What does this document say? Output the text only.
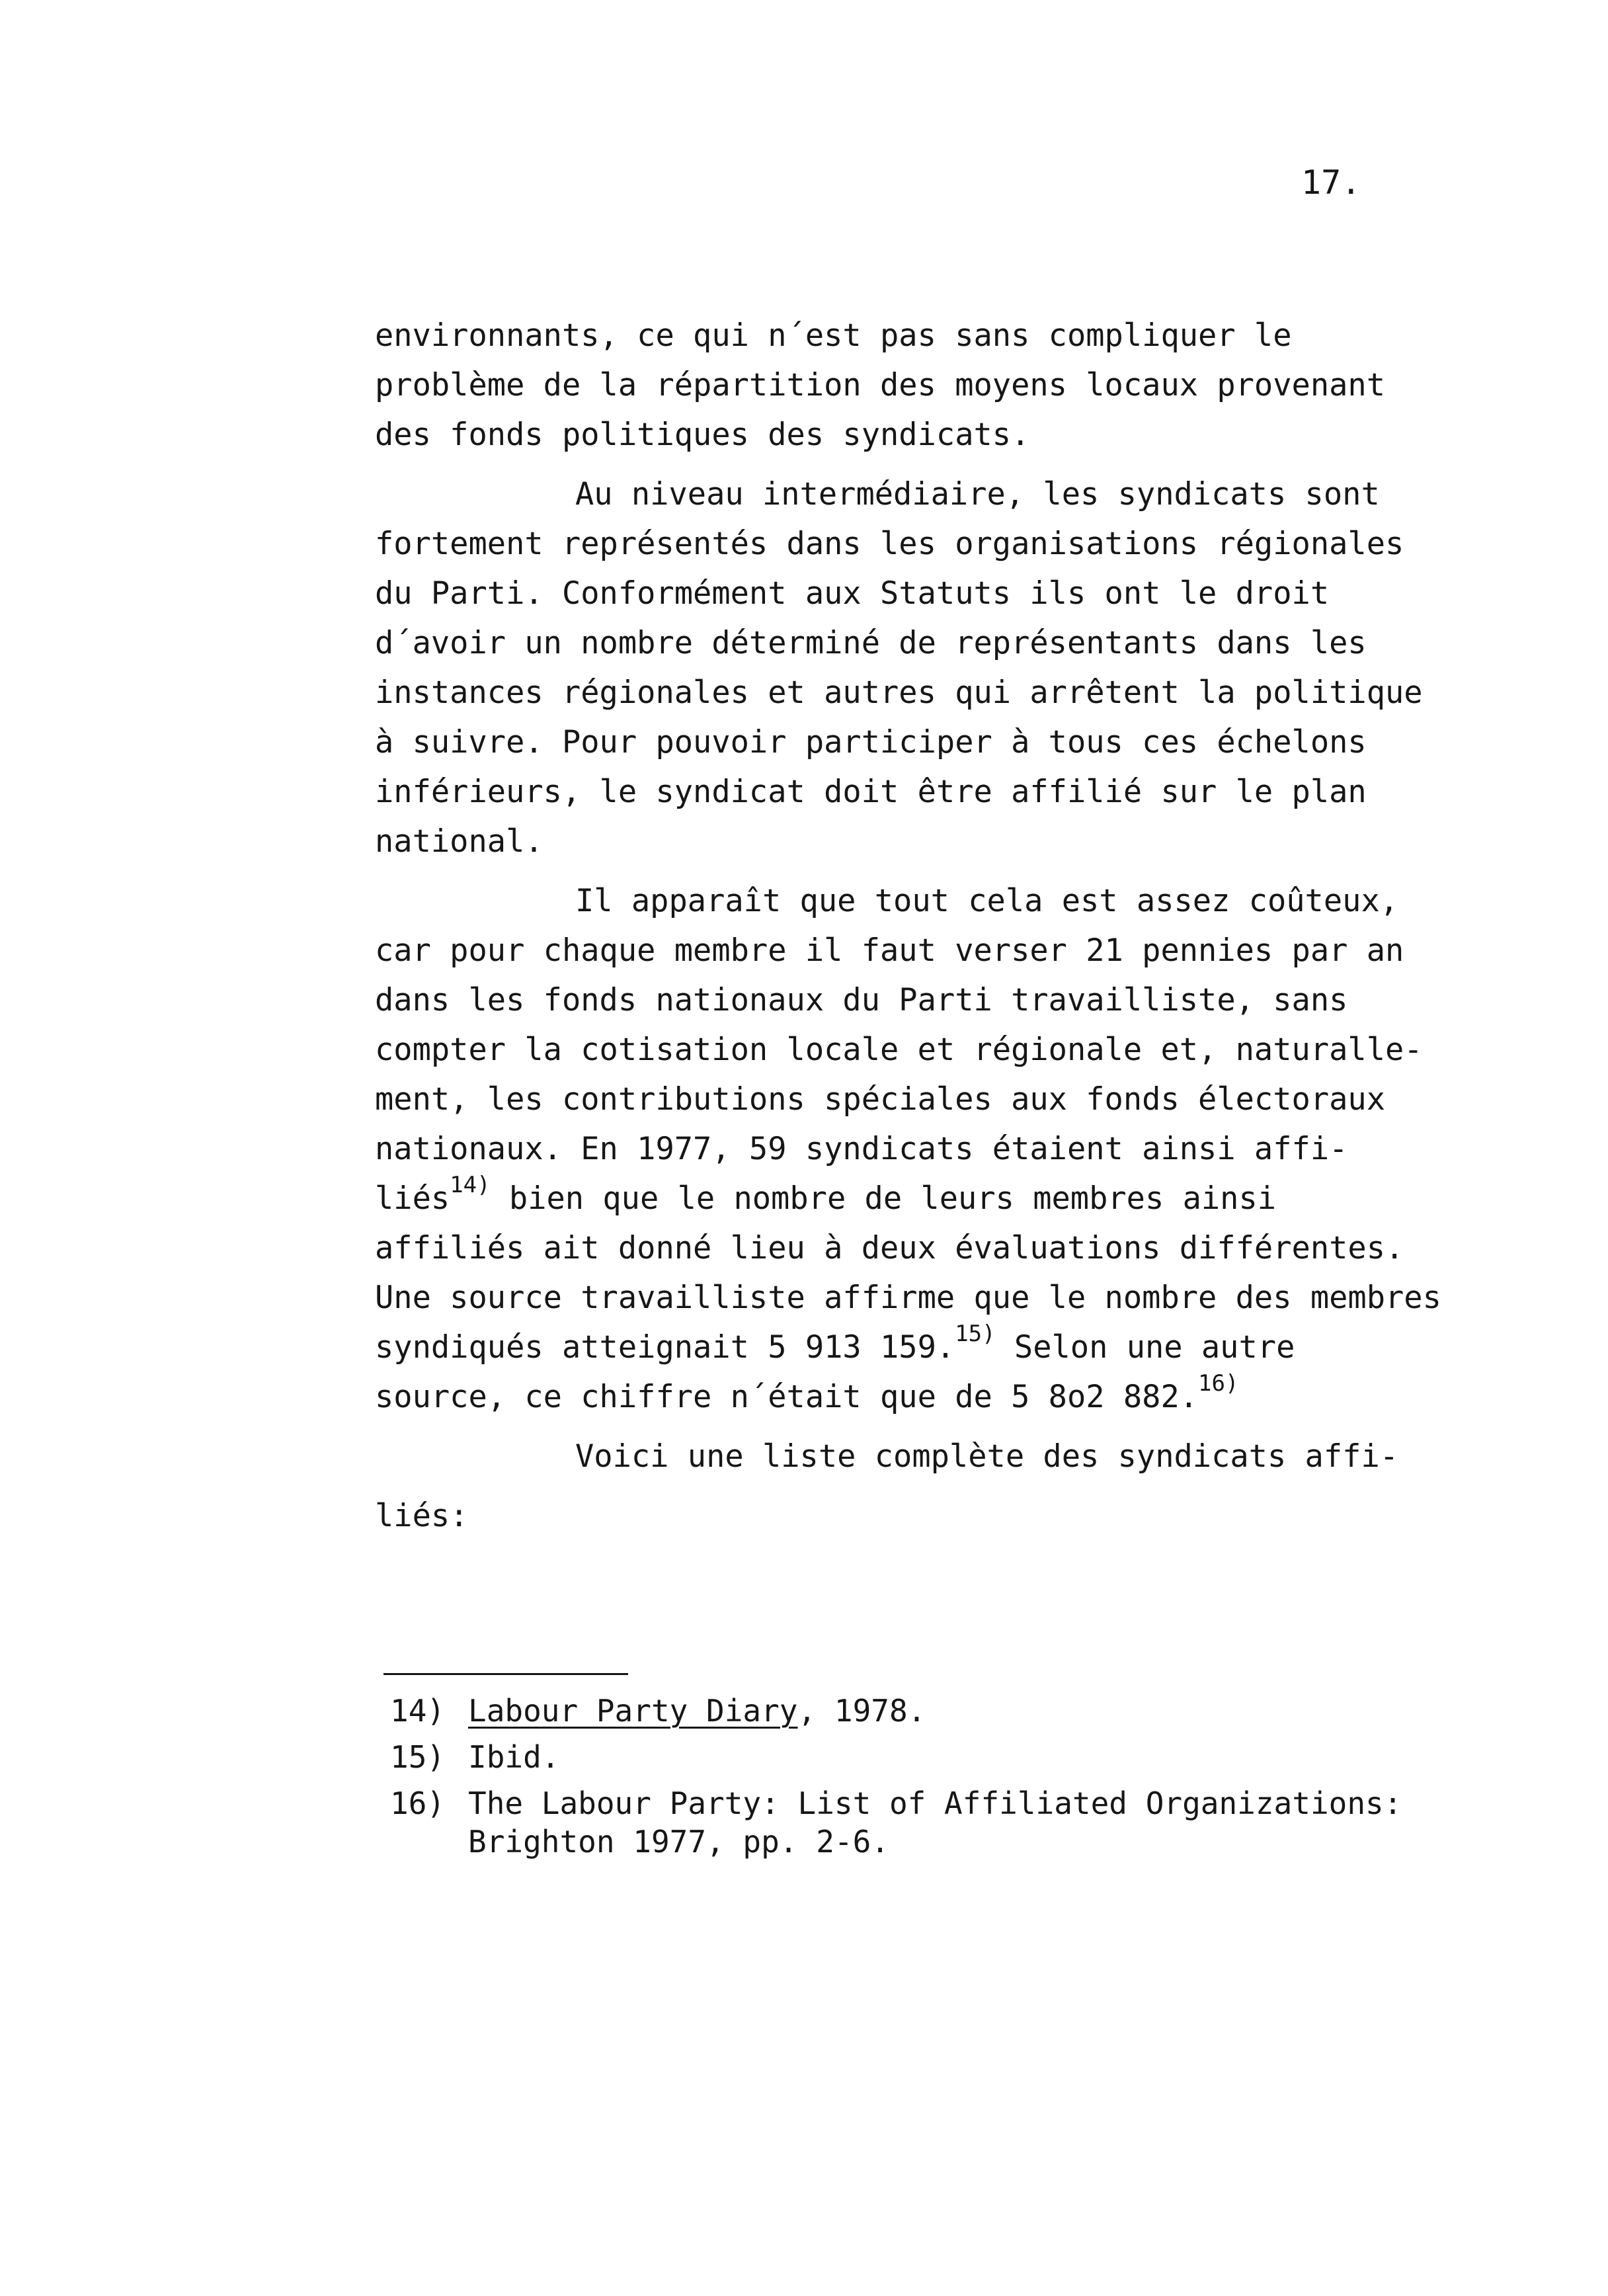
17.
environnants, ce qui n´est pas sans compliquer le
problème de la répartition des moyens locaux provenant
des fonds politiques des syndicats.
Au niveau intermédiaire, les syndicats sont
fortement représentés dans les organisations régionales
du Parti. Conformément aux Statuts ils ont le droit
d´avoir un nombre déterminé de représentants dans les
instances régionales et autres qui arrêtent la politique
à suivre. Pour pouvoir participer à tous ces échelons
inférieurs, le syndicat doit être affilié sur le plan
national.
Il apparaît que tout cela est assez coûteux,
car pour chaque membre il faut verser 21 pennies par an
dans les fonds nationaux du Parti travailliste, sans
compter la cotisation locale et régionale et, naturalle-
ment, les contributions spéciales aux fonds électoraux
nationaux. En 1977, 59 syndicats étaient ainsi affi-
liés$^{14)}$ bien que le nombre de leurs membres ainsi
affiliés ait donné lieu à deux évaluations différentes.
Une source travailliste affirme que le nombre des membres
syndiqués atteignait 5 913 159.$^{15)}$ Selon une autre
source, ce chiffre n´était que de 5 8o2 882.$^{16)}$
Voici une liste complète des syndicats affi-
liés:
14) Labour Party Diary, 1978.
15) Ibid.
16) The Labour Party: List of Affiliated Organizations:
Brighton 1977, pp. 2-6.
